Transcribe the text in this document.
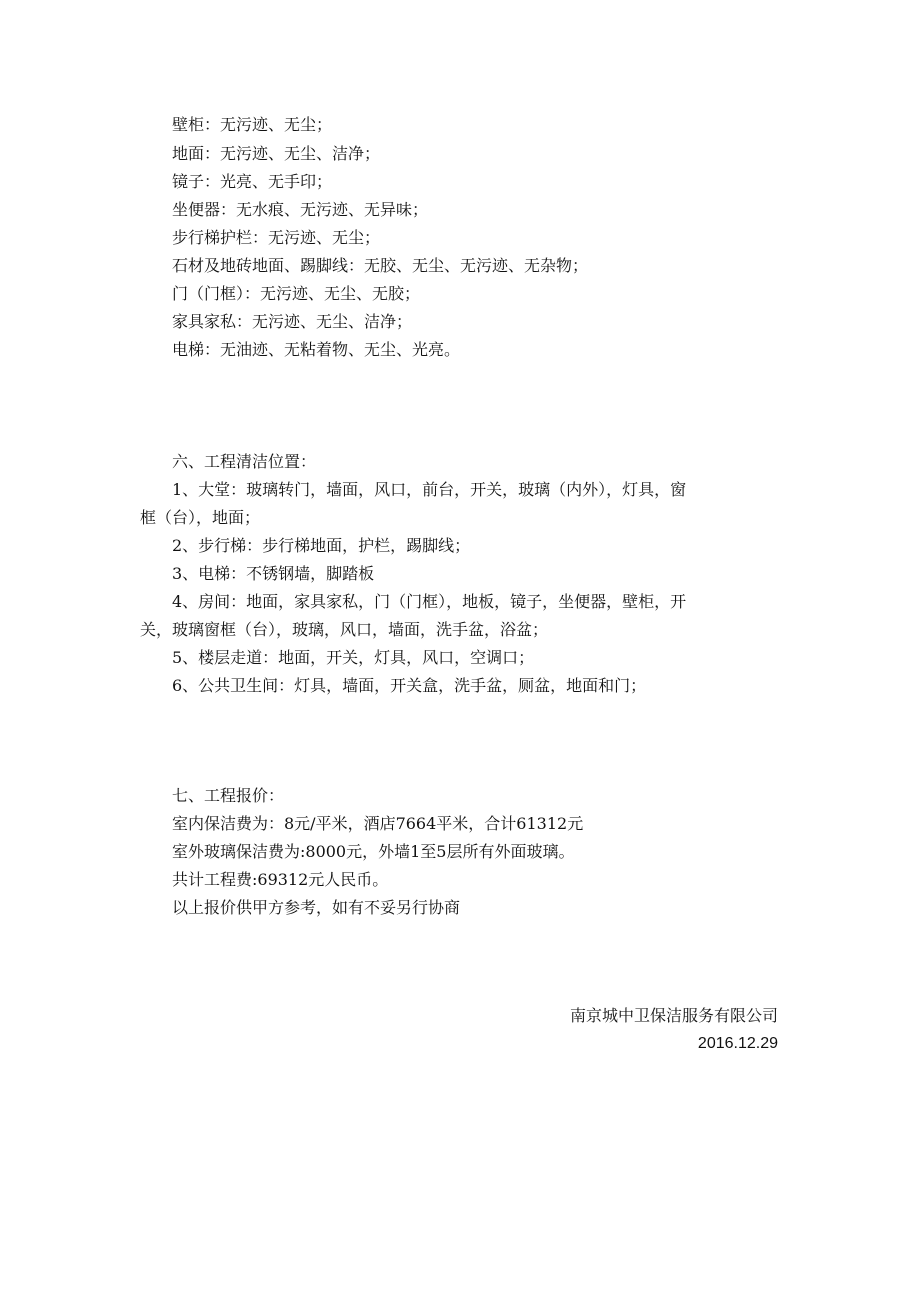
壁柜：无污迹、无尘；
地面：无污迹、无尘、洁净；
镜子：光亮、无手印；
坐便器：无水痕、无污迹、无异味；
步行梯护栏：无污迹、无尘；
石材及地砖地面、踢脚线：无胶、无尘、无污迹、无杂物；
门（门框）：无污迹、无尘、无胶；
家具家私：无污迹、无尘、洁净；
电梯：无油迹、无粘着物、无尘、光亮。
六、工程清洁位置：
1、大堂：玻璃转门，墙面，风口，前台，开关，玻璃（内外），灯具，窗
框（台），地面；
2、步行梯：步行梯地面，护栏，踢脚线；
3、电梯：不锈钢墙，脚踏板
4、房间：地面，家具家私，门（门框），地板，镜子，坐便器，壁柜，开
关，玻璃窗框（台），玻璃，风口，墙面，洗手盆，浴盆；
5、楼层走道：地面，开关，灯具，风口，空调口；
6、公共卫生间：灯具，墙面，开关盒，洗手盆，厕盆，地面和门；
七、工程报价：
室内保洁费为：8元/平米，酒店7664平米，合计61312元
室外玻璃保洁费为:8000元，外墙1至5层所有外面玻璃。
共计工程费:69312元人民币。
以上报价供甲方参考，如有不妥另行协商
南京城中卫保洁服务有限公司
2016.12.29
